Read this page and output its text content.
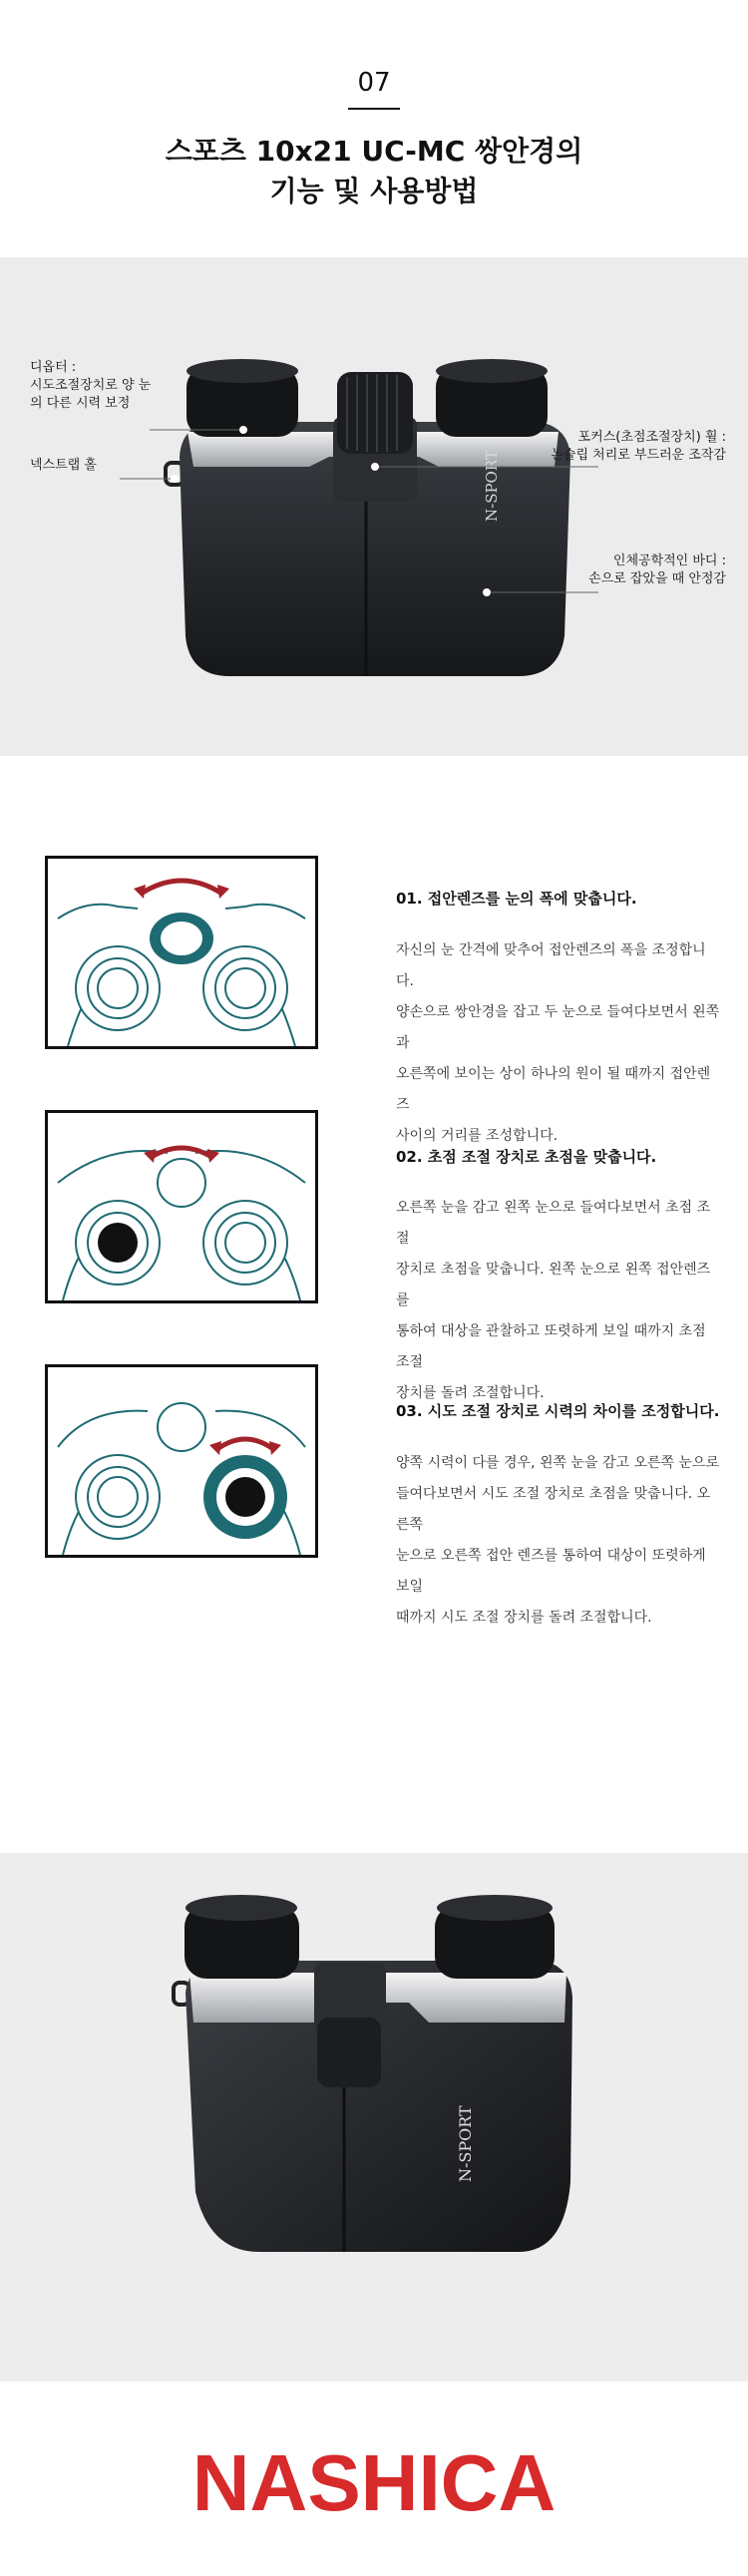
07
스포츠 10x21 UC-MC 쌍안경의
기능 및 사용방법
N-SPORT
디옵터 :
시도조절장치로 양 눈의 다른 시력 보정
넥스트랩 홀
포커스(초점조절장치) 휠 :
논슬립 처리로 부드러운 조작감
인체공학적인 바디 :
손으로 잡았을 때 안정감
01. 접안렌즈를 눈의 폭에 맞춥니다.
자신의 눈 간격에 맞추어 접안렌즈의 폭을 조정합니다.
양손으로 쌍안경을 잡고 두 눈으로 들여다보면서 왼쪽과
오른쪽에 보이는 상이 하나의 원이 될 때까지 접안렌즈
사이의 거리를 조성합니다.
02. 초점 조절 장치로 초점을 맞춥니다.
오른쪽 눈을 감고 왼쪽 눈으로 들여다보면서 초점 조절
장치로 초점을 맞춥니다. 왼쪽 눈으로 왼쪽 접안렌즈를
통하여 대상을 관찰하고 또렷하게 보일 때까지 초점 조절
장치를 돌려 조절합니다.
03. 시도 조절 장치로 시력의 차이를 조정합니다.
양쪽 시력이 다를 경우, 왼쪽 눈을 감고 오른쪽 눈으로
들여다보면서 시도 조절 장치로 초점을 맞춥니다. 오른쪽
눈으로 오른쪽 접안 렌즈를 통하여 대상이 또렷하게 보일
때까지 시도 조절 장치를 돌려 조절합니다.
N-SPORT
NASHICA
